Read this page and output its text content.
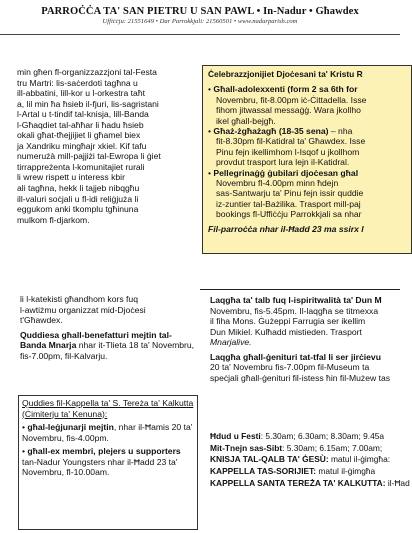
PARROĊĊA TA' SAN PIETRU U SAN PAWL • In-Nadur • Għawdex
Uffiċċju: 21551649 • Dar Parrokkjali: 21560501 • www.nadurparish.com

min għen fl-organizzazzjoni tal-Festa

tru Martri: lis-saċerdoti tagħna u

ill-abbatini, lill-kor u l-orkestra taħt

a, lil min ħa ħsieb il-fjuri, lis-sagristani

l-Artal u t-tindif tal-knisja, lill-Banda

l-Għaqdiet tal-aħħar li ħadu ħsieb

okali għat-tħejjijiet li għamel biex

ja Xandriku mingħajr xkiel. Kif tafu

numerużà mill-pajjiżi tal-Ewropa li ġiet

tirrappreżenta l-komunitajiet rurali

li wrew rispett u interess kbir

ali tagħna, hekk li tajjeb nibqgħu

ill-valuri soċjali u fl-idi reliġjuża li

eggukom anki tkomplu tgħinuna

mulkom fl-djarkom.

li l-katekisti għandhom kors fuq

l-awtiżmu organizzat mid-Djoċesi

t'Għawdex.

Quddiesa għall-benefatturi mejtin tal-Banda Mnarja nhar it-Tlieta 18 ta' Novembru, fis-7.00pm, fil-Kalvarju.

Quddies fil-Kappella ta' S. Tereża ta' Kalkutta (Ċimiterju ta' Kenuna):

• għal-leġjunarji mejtin, nhar il-Ħamis 20 ta' Novembru, fis-4.00pm.

• għall-ex membri, plejers u supporters tan-Nadur Youngsters nhar il-Ħadd 23 ta' Novembru, fl-10.00am.

Ċelebrazzjonijiet Djoċesani ta' Kristu R

• Għall-adolexxenti (form 2 sa 6th for

Novembru, fit-8.00pm iċ-Ċittadella. Isse

fihom jitwassal messaġġ. Wara jkollho

ikel għall-bejgħ.

• Għaż-żgħażagħ (18-35 sena) – nha

fit-8.30pm fil-Katidral ta' Għawdex. Isse

Pinu fejn ikellimhom l-Isqof u jkollhom

provdut trasport lura lejn il-Katidral.

• Pellegrinaġġ ġubilari djoċesan għal

Novembru fl-4.00pm minn ħdejn

sas-Santwarju ta' Pinu fejn issir quddie

iz-zuntier tal-Bażilika. Trasport mill-paj

bookings fl-Uffiċċju Parrokkjali sa nhar

Fil-parroċċa nhar il-Ħadd 23 ma ssirx l

Laqgħa ta' talb fuq l-ispiritwalità ta' Dun M

Novembru, fis-5.45pm. Il-laqgħa se titmexxa

il fiha Mons. Ġużeppi Farrugia ser ikellim

Dun Mikiel. Kulħadd mistieden. Trasport

Mnarjalive.

Laqgħa għall-ġenituri tat-tfal li ser jirċievu

20 ta' Novembru fis-7.00pm fil-Museum ta

speċjali għall-ġenituri fil-istess ħin fil-Mużew tas

Ħdud u Festi: 5.30am; 6.30am; 8.30am; 9.45a

Mit-Tnejn sas-Sibt: 5.30am; 6.15am; 7.00am;

KNISJA TAL-QALB TA' ĠESÙ: matul il-ġimgħa:

KAPPELLA TAS-SORIJIET: matul il-ġimgħa

KAPPELLA SANTA TEREŻA TA' KALKUTTA: il-Ħad
